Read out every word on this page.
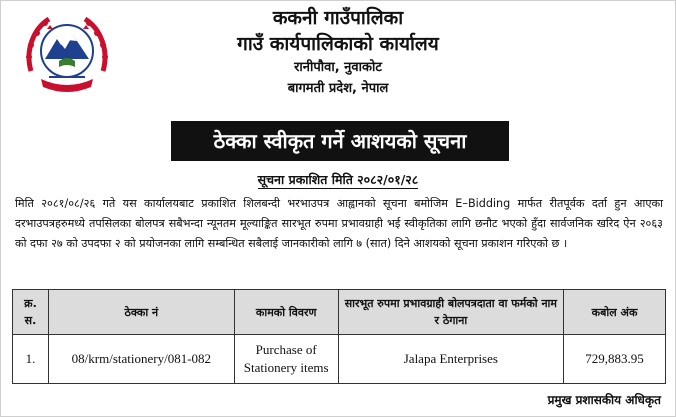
ककनी गाउँपालिका

गाउँ कार्यपालिकाको कार्यालय

रानीपौवा, नुवाकोट

बागमती प्रदेश, नेपाल

ठेक्का स्वीकृत गर्ने आशयको सूचना
सूचना प्रकाशित मिति २०८२/०१/२८
मिति २०८१/०८/२६ गते यस कार्यालयबाट प्रकाशित शिलबन्दी भरभाउपत्र आह्वानको सूचना बमोजिम E–Bidding मार्फत रीतपूर्वक दर्ता हुन आएका दरभाउपत्रहरुमध्ये तपसिलका बोलपत्र सबैभन्दा न्यूनतम मूल्याङ्कित सारभूत रुपमा प्रभावग्राही भई स्वीकृतिका लागि छनौट भएको हुँदा सार्वजनिक खरिद ऐन २०६३ को दफा २७ को उपदफा २ को प्रयोजनका लागि सम्बन्धित सबैलाई जानकारीको लागि ७ (सात) दिने आशयको सूचना प्रकाशन गरिएको छ ।
क्र. स.	ठेक्का नं	कामको विवरण	सारभूत रुपमा प्रभावग्राही बोलपत्रदाता वा फर्मको नाम र ठेगाना	कबोल अंक
1.	08/krm/stationery/081-082	Purchase of Stationery items	Jalapa Enterprises	729,883.95
प्रमुख प्रशासकीय अधिकृत
